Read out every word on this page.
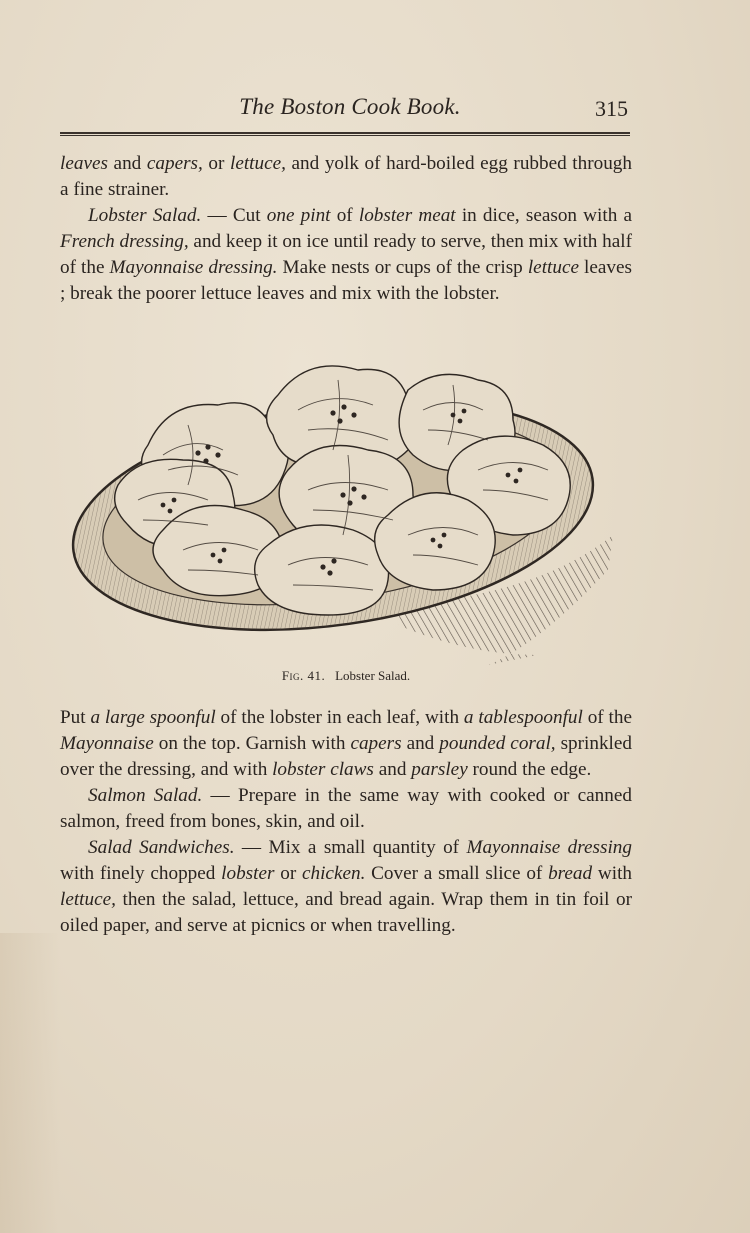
The Boston Cook Book.	315

leaves and capers, or lettuce, and yolk of hard-boiled egg rubbed through a fine strainer.

Lobster Salad. — Cut one pint of lobster meat in dice, season with a French dressing, and keep it on ice until ready to serve, then mix with half of the Mayonnaise dressing. Make nests or cups of the crisp lettuce leaves ; break the poorer lettuce leaves and mix with the lobster.

Fig. 41. Lobster Salad.

Put a large spoonful of the lobster in each leaf, with a tablespoonful of the Mayonnaise on the top. Garnish with capers and pounded coral, sprinkled over the dressing, and with lobster claws and parsley round the edge.

Salmon Salad. — Prepare in the same way with cooked or canned salmon, freed from bones, skin, and oil.

Salad Sandwiches. — Mix a small quantity of Mayonnaise dressing with finely chopped lobster or chicken. Cover a small slice of bread with lettuce, then the salad, lettuce, and bread again. Wrap them in tin foil or oiled paper, and serve at picnics or when travelling.
